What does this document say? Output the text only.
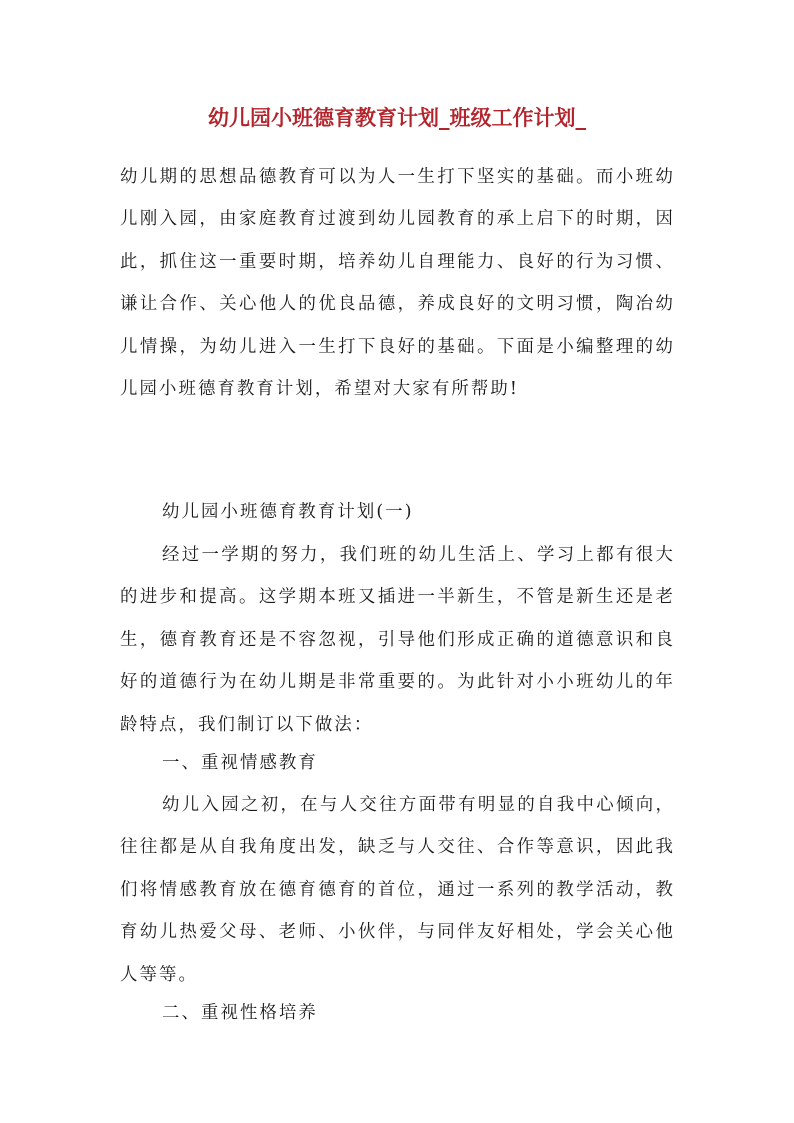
幼儿园小班德育教育计划_班级工作计划_

幼儿期的思想品德教育可以为人一生打下坚实的基础。而小班幼儿刚入园，由家庭教育过渡到幼儿园教育的承上启下的时期，因此，抓住这一重要时期，培养幼儿自理能力、良好的行为习惯、谦让合作、关心他人的优良品德，养成良好的文明习惯，陶冶幼儿情操，为幼儿进入一生打下良好的基础。下面是小编整理的幼儿园小班德育教育计划，希望对大家有所帮助!

幼儿园小班德育教育计划(一)

经过一学期的努力，我们班的幼儿生活上、学习上都有很大的进步和提高。这学期本班又插进一半新生，不管是新生还是老生，德育教育还是不容忽视，引导他们形成正确的道德意识和良好的道德行为在幼儿期是非常重要的。为此针对小小班幼儿的年龄特点，我们制订以下做法：

一、重视情感教育

幼儿入园之初，在与人交往方面带有明显的自我中心倾向，往往都是从自我角度出发，缺乏与人交往、合作等意识，因此我们将情感教育放在德育德育的首位，通过一系列的教学活动，教育幼儿热爱父母、老师、小伙伴，与同伴友好相处，学会关心他人等等。

二、重视性格培养
